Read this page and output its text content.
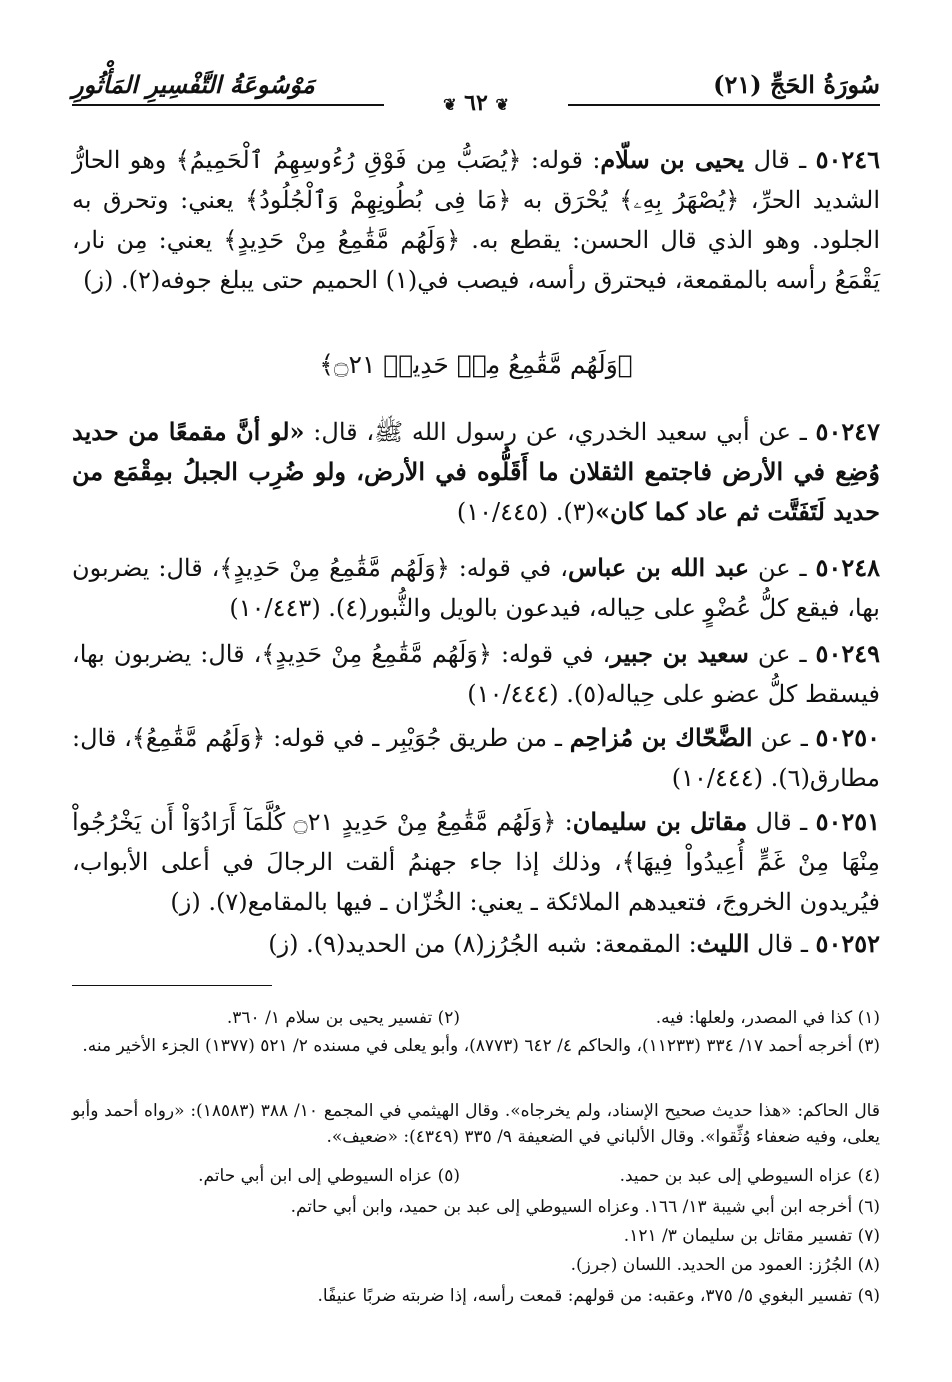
سُورَةُ الحَجِّ (٢١)
❦ ٦٢ ❦
مَوْسُوعَةُ التَّفْسِيرِ المَأْثُورِ
٥٠٢٤٦ ـ قال يحيى بن سلّام: قوله: ﴿يُصَبُّ مِن فَوْقِ رُءُوسِهِمُ ٱلْحَمِيمُ﴾ وهو الحارُّ الشديد الحرِّ، ﴿يُصْهَرُ بِهِۦ﴾ يُحْرَق به ﴿مَا فِى بُطُونِهِمْ وَٱلْجُلُودُ﴾ يعني: وتحرق به الجلود. وهو الذي قال الحسن: يقطع به. ﴿وَلَهُم مَّقَٰمِعُ مِنْ حَدِيدٍ﴾ يعني: مِن نار، يَقْمَعُ رأسه بالمقمعة، فيحترق رأسه، فيصب في(١) الحميم حتى يبلغ جوفه(٢). (ز)
﴿وَلَهُم مَّقَٰمِعُ مِنۡ حَدِيدٖ ۝٢١﴾
٥٠٢٤٧ ـ عن أبي سعيد الخدري، عن رسول الله ﷺ، قال: «لو أنَّ مقمعًا من حديد وُضِع في الأرض فاجتمع الثقلان ما أَقَلُّوه في الأرض، ولو ضُرِب الجبلُ بمِقْمَع من حديد لَتَفَتَّت ثم عاد كما كان»(٣). (١٠/٤٤٥)
٥٠٢٤٨ ـ عن عبد الله بن عباس، في قوله: ﴿وَلَهُم مَّقَٰمِعُ مِنْ حَدِيدٍ﴾، قال: يضربون بها، فيقع كلُّ عُضْوٍ على حِياله، فيدعون بالويل والثُّبور(٤). (١٠/٤٤٣)
٥٠٢٤٩ ـ عن سعيد بن جبير، في قوله: ﴿وَلَهُم مَّقَٰمِعُ مِنْ حَدِيدٍ﴾، قال: يضربون بها، فيسقط كلُّ عضو على حِياله(٥). (١٠/٤٤٤)
٥٠٢٥٠ ـ عن الضَّحّاك بن مُزاحِم ـ من طريق جُوَيْبِر ـ في قوله: ﴿وَلَهُم مَّقَٰمِعُ﴾، قال: مطارق(٦). (١٠/٤٤٤)
٥٠٢٥١ ـ قال مقاتل بن سليمان: ﴿وَلَهُم مَّقَٰمِعُ مِنْ حَدِيدٍ ۝٢١ كُلَّمَآ أَرَادُوٓاْ أَن يَخْرُجُواْ مِنْهَا مِنْ غَمٍّ أُعِيدُواْ فِيهَا﴾، وذلك إذا جاء جهنمُ ألقت الرجالَ في أعلى الأبواب، فيُريدون الخروجَ، فتعيدهم الملائكة ـ يعني: الخُزّان ـ فيها بالمقامع(٧). (ز)
٥٠٢٥٢ ـ قال الليث: المقمعة: شبه الجُرُز(٨) من الحديد(٩). (ز)
(١) كذا في المصدر، ولعلها: فيه.
(٢) تفسير يحيى بن سلام ١/ ٣٦٠.
(٣) أخرجه أحمد ١٧/ ٣٣٤ (١١٢٣٣)، والحاكم ٤/ ٦٤٢ (٨٧٧٣)، وأبو يعلى في مسنده ٢/ ٥٢١ (١٣٧٧) الجزء الأخير منه.
قال الحاكم: «هذا حديث صحيح الإسناد، ولم يخرجاه». وقال الهيثمي في المجمع ١٠/ ٣٨٨ (١٨٥٨٣): «رواه أحمد وأبو يعلى، وفيه ضعفاء وُثِّقوا». وقال الألباني في الضعيفة ٩/ ٣٣٥ (٤٣٤٩): «ضعيف».
(٤) عزاه السيوطي إلى عبد بن حميد.
(٥) عزاه السيوطي إلى ابن أبي حاتم.
(٦) أخرجه ابن أبي شيبة ١٣/ ١٦٦. وعزاه السيوطي إلى عبد بن حميد، وابن أبي حاتم.
(٧) تفسير مقاتل بن سليمان ٣/ ١٢١.
(٨) الجُرُز: العمود من الحديد. اللسان (جرز).
(٩) تفسير البغوي ٥/ ٣٧٥، وعقبه: من قولهم: قمعت رأسه، إذا ضربته ضربًا عنيفًا.
